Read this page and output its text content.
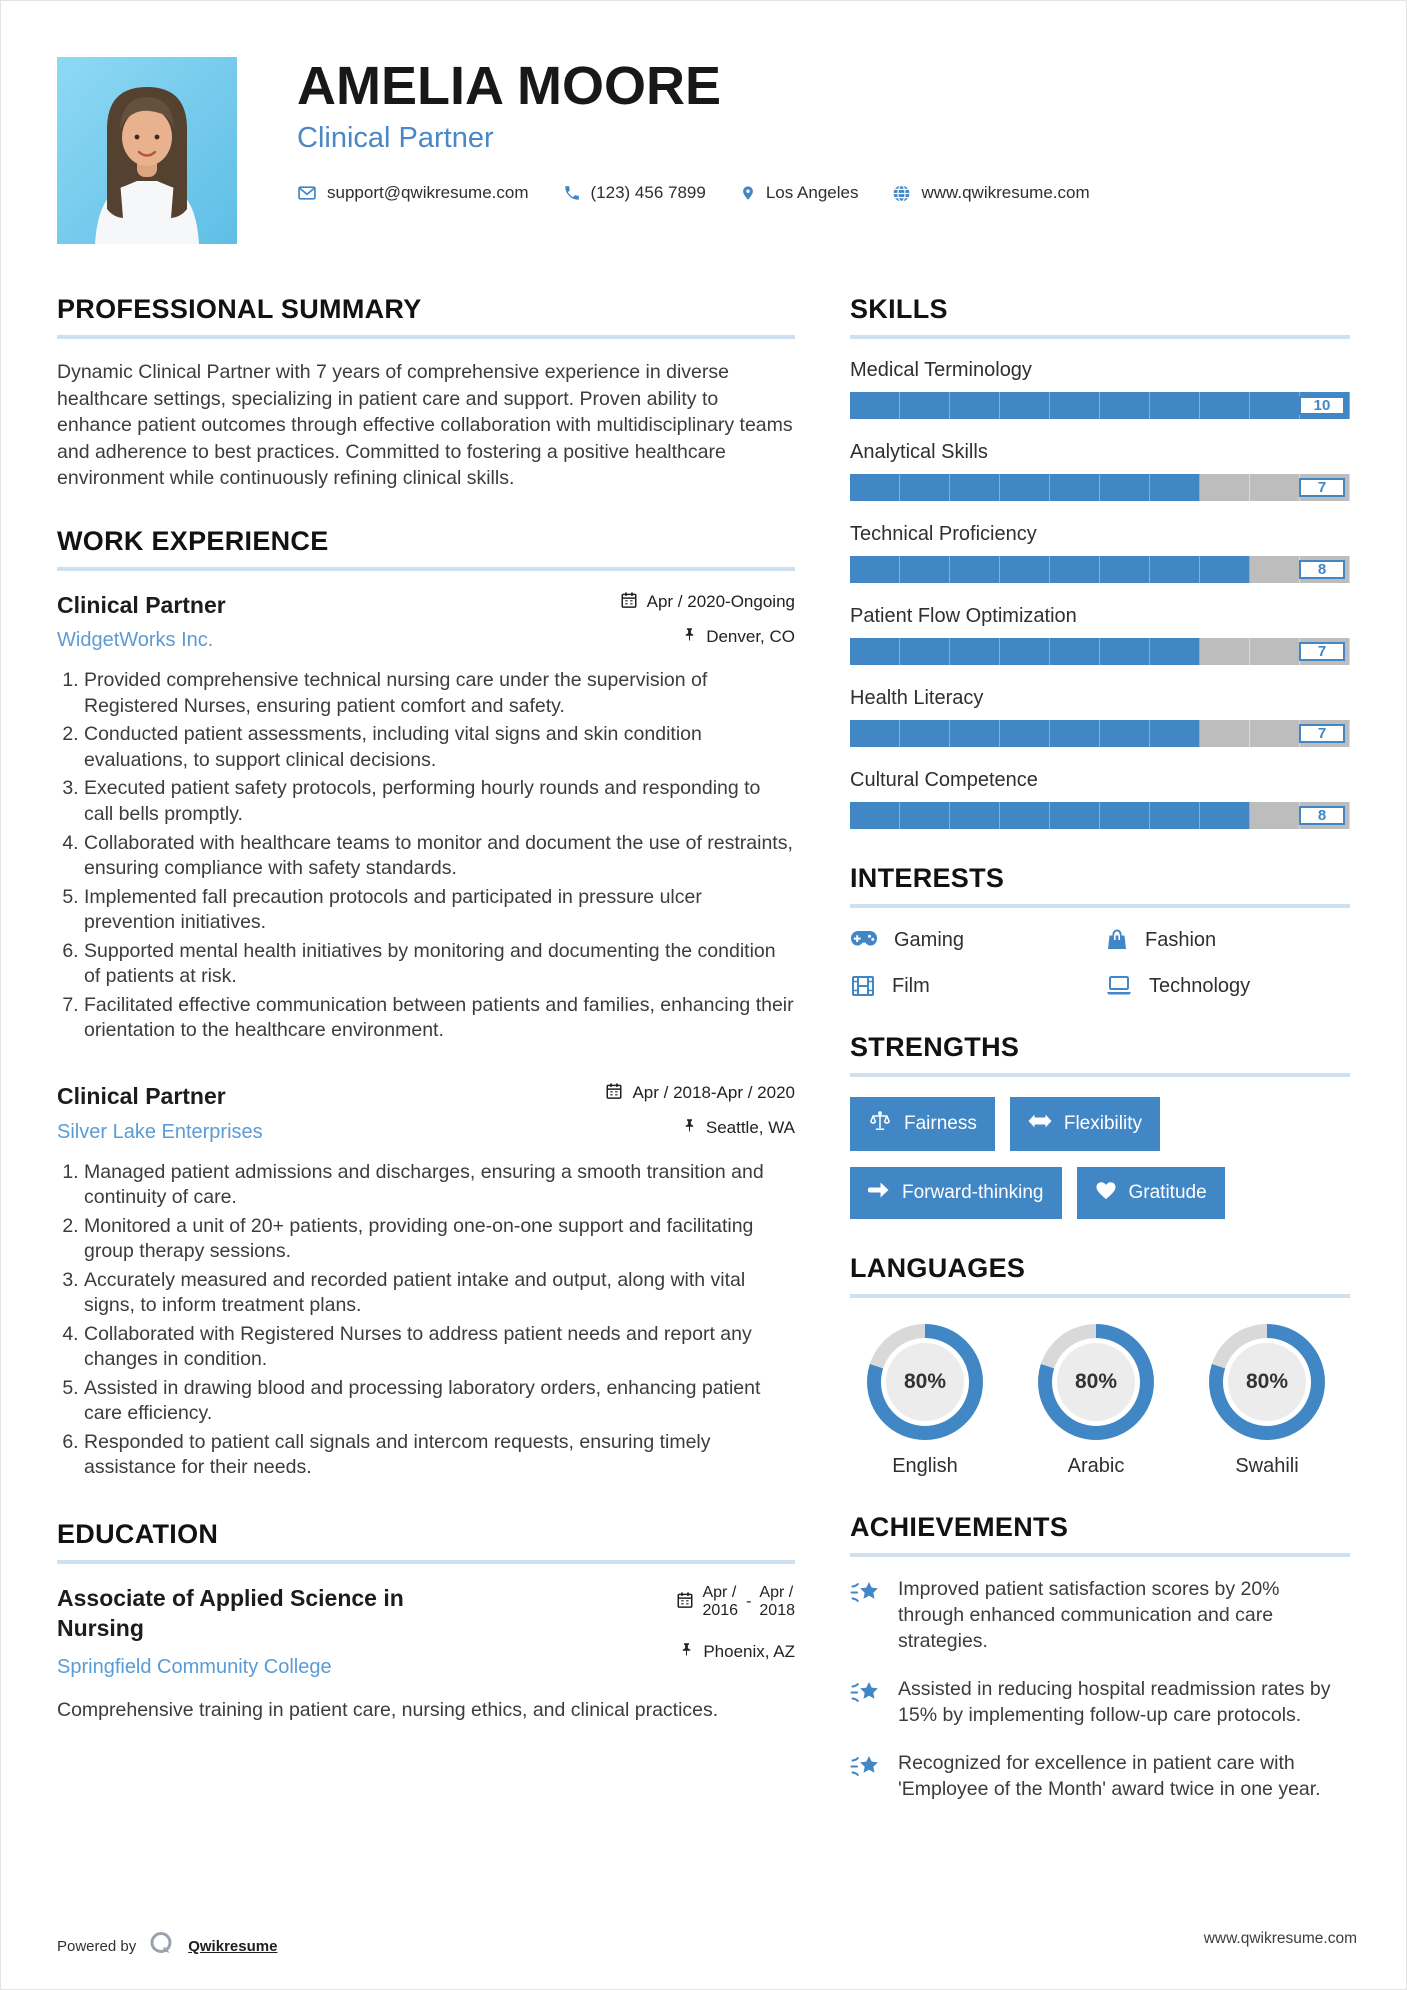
AMELIA MOORE
Clinical Partner
support@qwikresume.com	(123) 456 7899	Los Angeles	www.qwikresume.com
PROFESSIONAL SUMMARY

Dynamic Clinical Partner with 7 years of comprehensive experience in diverse healthcare settings, specializing in patient care and support. Proven ability to enhance patient outcomes through effective collaboration with multidisciplinary teams and adherence to best practices. Committed to fostering a positive healthcare environment while continuously refining clinical skills.

WORK EXPERIENCE
Clinical Partner
WidgetWorks Inc.
Apr / 2020-Ongoing
Denver, CO
1. Provided comprehensive technical nursing care under the supervision of Registered Nurses, ensuring patient comfort and safety.
2. Conducted patient assessments, including vital signs and skin condition evaluations, to support clinical decisions.
3. Executed patient safety protocols, performing hourly rounds and responding to call bells promptly.
4. Collaborated with healthcare teams to monitor and document the use of restraints, ensuring compliance with safety standards.
5. Implemented fall precaution protocols and participated in pressure ulcer prevention initiatives.
6. Supported mental health initiatives by monitoring and documenting the condition of patients at risk.
7. Facilitated effective communication between patients and families, enhancing their orientation to the healthcare environment.
Clinical Partner
Silver Lake Enterprises
Apr / 2018-Apr / 2020
Seattle, WA
1. Managed patient admissions and discharges, ensuring a smooth transition and continuity of care.
2. Monitored a unit of 20+ patients, providing one-on-one support and facilitating group therapy sessions.
3. Accurately measured and recorded patient intake and output, along with vital signs, to inform treatment plans.
4. Collaborated with Registered Nurses to address patient needs and report any changes in condition.
5. Assisted in drawing blood and processing laboratory orders, enhancing patient care efficiency.
6. Responded to patient call signals and intercom requests, ensuring timely assistance for their needs.
EDUCATION
Associate of Applied Science in Nursing
Springfield Community College
Apr /
2016
-
Apr /
2018
Phoenix, AZ

Comprehensive training in patient care, nursing ethics, and clinical practices.

SKILLS
Medical Terminology
10
Analytical Skills
7
Technical Proficiency
8
Patient Flow Optimization
7
Health Literacy
7
Cultural Competence
8
INTERESTS
Gaming	Fashion
Film	Technology
STRENGTHS
Fairness	Flexibility
Forward-thinking	Gratitude
LANGUAGES
80%
English
80%
Arabic
80%
Swahili
ACHIEVEMENTS
Improved patient satisfaction scores by 20% through enhanced communication and care strategies.
Assisted in reducing hospital readmission rates by 15% by implementing follow-up care protocols.
Recognized for excellence in patient care with 'Employee of the Month' award twice in one year.
Powered by	Qwikresume	www.qwikresume.com
